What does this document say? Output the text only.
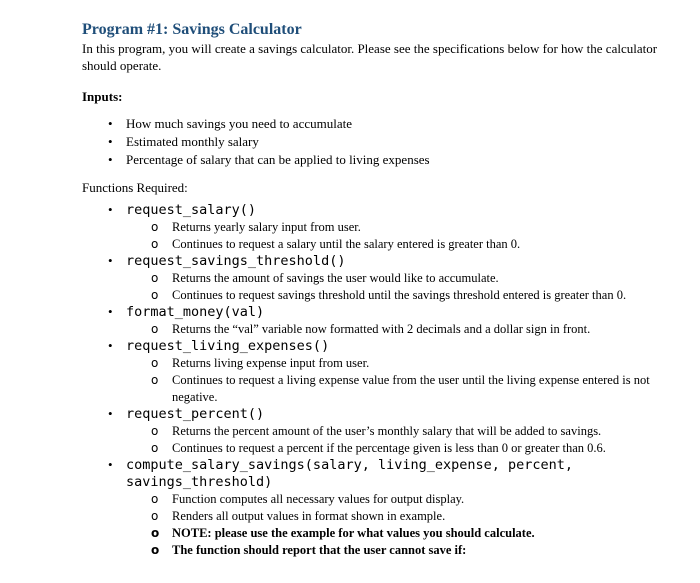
Program #1: Savings Calculator

In this program, you will create a savings calculator. Please see the specifications below for how the calculator should operate.

Inputs:

• How much savings you need to accumulate
• Estimated monthly salary
• Percentage of salary that can be applied to living expenses

Functions Required:

• request_salary()
o Returns yearly salary input from user.
o Continues to request a salary until the salary entered is greater than 0.
• request_savings_threshold()
o Returns the amount of savings the user would like to accumulate.
o Continues to request savings threshold until the savings threshold entered is greater than 0.
• format_money(val)
o Returns the “val” variable now formatted with 2 decimals and a dollar sign in front.
• request_living_expenses()
o Returns living expense input from user.
o Continues to request a living expense value from the user until the living expense entered is not negative.
• request_percent()
o Returns the percent amount of the user’s monthly salary that will be added to savings.
o Continues to request a percent if the percentage given is less than 0 or greater than 0.6.
• compute_salary_savings(salary, living_expense, percent, savings_threshold)
o Function computes all necessary values for output display.
o Renders all output values in format shown in example.
o NOTE: please use the example for what values you should calculate.
o The function should report that the user cannot save if:
